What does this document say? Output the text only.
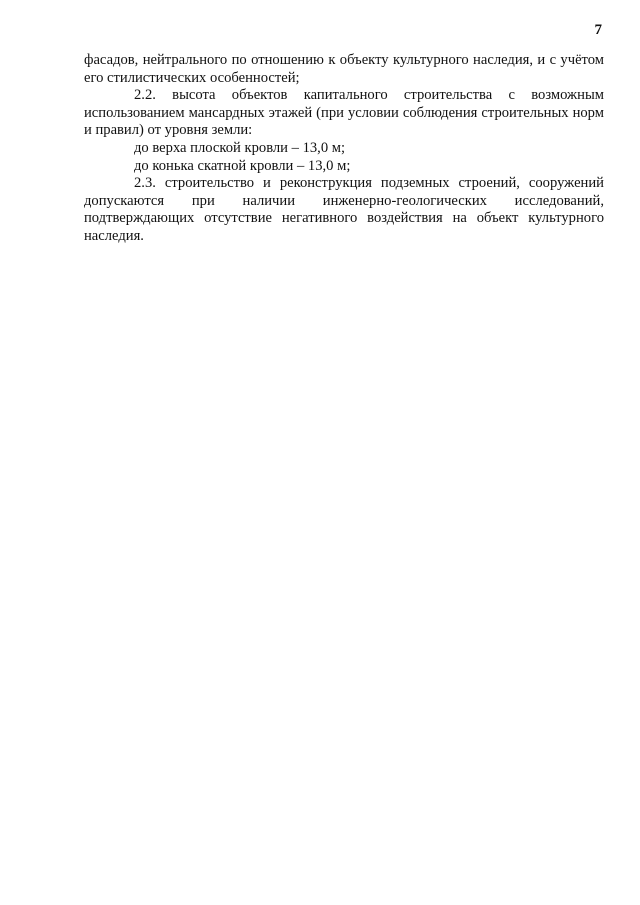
7

фасадов, нейтрального по отношению к объекту культурного наследия, и с учётом его стилистических особенностей;

2.2. высота объектов капитального строительства с возможным использованием мансардных этажей (при условии соблюдения строительных норм и правил) от уровня земли:

до верха плоской кровли – 13,0 м;

до конька скатной кровли – 13,0 м;

2.3. строительство и реконструкция подземных строений, сооружений допускаются при наличии инженерно-геологических исследований, подтверждающих отсутствие негативного воздействия на объект культурного наследия.
